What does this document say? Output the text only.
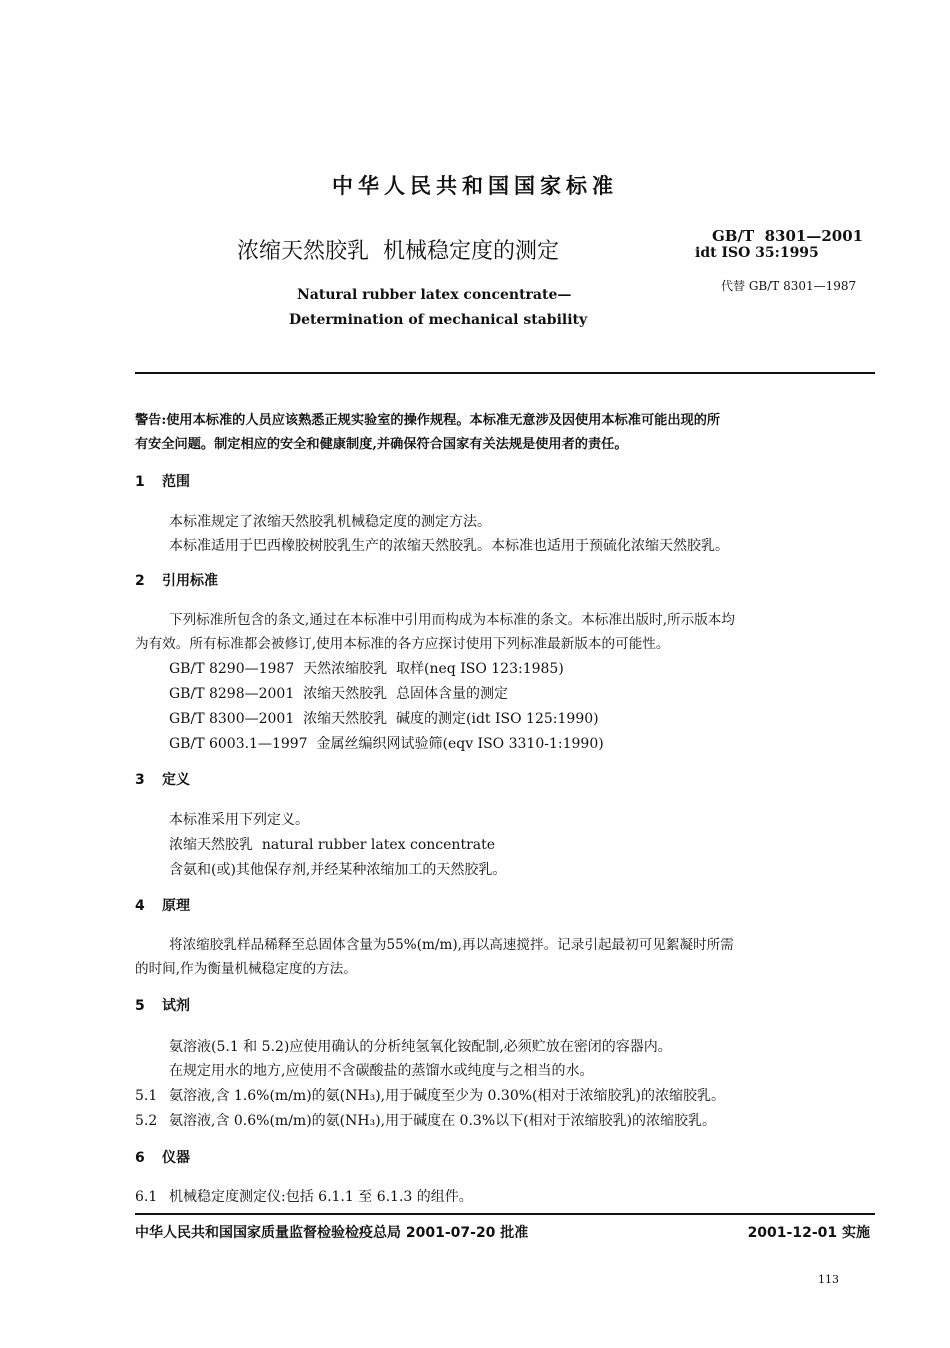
中华人民共和国国家标准
浓缩天然胶乳  机械稳定度的测定
GB/T  8301—2001
idt ISO 35:1995
代替 GB/T 8301—1987
Natural rubber latex concentrate—
Determination of mechanical stability
警告:使用本标准的人员应该熟悉正规实验室的操作规程。本标准无意涉及因使用本标准可能出现的所
有安全问题。制定相应的安全和健康制度,并确保符合国家有关法规是使用者的责任。
1 范围
本标准规定了浓缩天然胶乳机械稳定度的测定方法。
本标准适用于巴西橡胶树胶乳生产的浓缩天然胶乳。本标准也适用于预硫化浓缩天然胶乳。
2 引用标准
下列标准所包含的条文,通过在本标准中引用而构成为本标准的条文。本标准出版时,所示版本均
为有效。所有标准都会被修订,使用本标准的各方应探讨使用下列标准最新版本的可能性。
GB/T 8290—1987  天然浓缩胶乳  取样(neq ISO 123:1985)
GB/T 8298—2001  浓缩天然胶乳  总固体含量的测定
GB/T 8300—2001  浓缩天然胶乳  碱度的测定(idt ISO 125:1990)
GB/T 6003.1—1997  金属丝编织网试验筛(eqv ISO 3310-1:1990)
3 定义
本标准采用下列定义。
浓缩天然胶乳  natural rubber latex concentrate
含氨和(或)其他保存剂,并经某种浓缩加工的天然胶乳。
4 原理
将浓缩胶乳样品稀释至总固体含量为55%(m/m),再以高速搅拌。记录引起最初可见絮凝时所需
的时间,作为衡量机械稳定度的方法。
5 试剂
氨溶液(5.1 和 5.2)应使用确认的分析纯氢氧化铵配制,必须贮放在密闭的容器内。
在规定用水的地方,应使用不含碳酸盐的蒸馏水或纯度与之相当的水。
5.1 氨溶液,含 1.6%(m/m)的氨(NH₃),用于碱度至少为 0.30%(相对于浓缩胶乳)的浓缩胶乳。
5.2 氨溶液,含 0.6%(m/m)的氨(NH₃),用于碱度在 0.3%以下(相对于浓缩胶乳)的浓缩胶乳。
6 仪器
6.1 机械稳定度测定仪:包括 6.1.1 至 6.1.3 的组件。
中华人民共和国国家质量监督检验检疫总局 2001-07-20 批准	2001-12-01 实施
113
